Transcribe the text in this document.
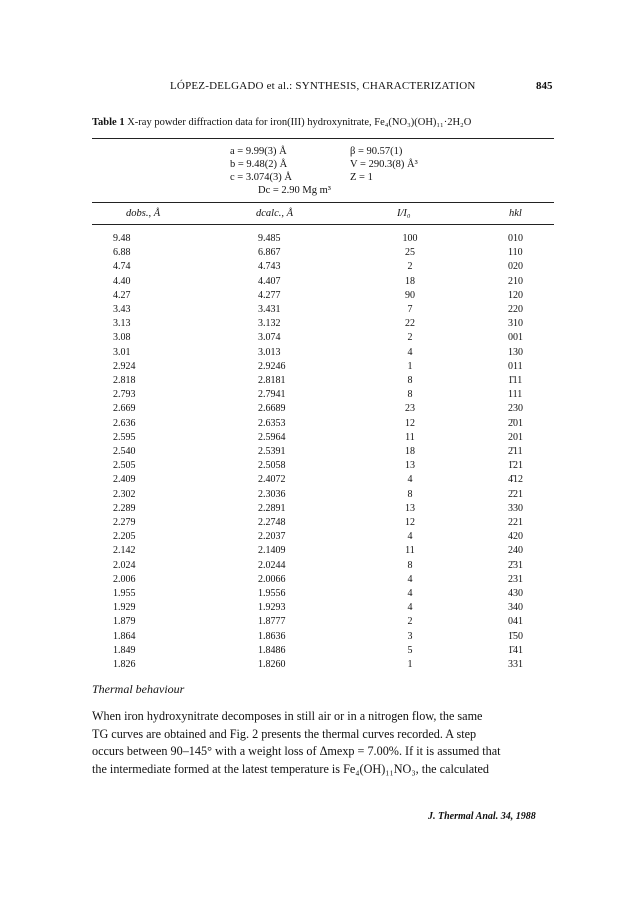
LÓPEZ-DELGADO et al.: SYNTHESIS, CHARACTERIZATION	845
Table 1 X-ray powder diffraction data for iron(III) hydroxynitrate, Fe₄(NO₃)(OH)₁₁·2H₂O
a = 9.99(3) Å	β = 90.57(1)
b = 9.48(2) Å	V = 290.3(8) Å³
c = 3.074(3) Å	Z = 1
Dc = 2.90 Mg m³
dobs., Å	dcalc., Å	I/I₀	hkl
9.48	9.485	100	010
6.88	6.867	25	110
4.74	4.743	2	020
4.40	4.407	18	210
4.27	4.277	90	120
3.43	3.431	7	220
3.13	3.132	22	310
3.08	3.074	2	001
3.01	3.013	4	130
2.924	2.9246	1	011
2.818	2.8181	8	1̄11
2.793	2.7941	8	111
2.669	2.6689	23	230
2.636	2.6353	12	2̄01
2.595	2.5964	11	201
2.540	2.5391	18	2̄11
2.505	2.5058	13	1̄21
2.409	2.4072	4	4̄12
2.302	2.3036	8	2̄21
2.289	2.2891	13	330
2.279	2.2748	12	221
2.205	2.2037	4	420
2.142	2.1409	11	240
2.024	2.0244	8	2̄31
2.006	2.0066	4	231
1.955	1.9556	4	430
1.929	1.9293	4	340
1.879	1.8777	2	041
1.864	1.8636	3	1̄50
1.849	1.8486	5	1̄41
1.826	1.8260	1	331
Thermal behaviour
When iron hydroxynitrate decomposes in still air or in a nitrogen flow, the same
TG curves are obtained and Fig. 2 presents the thermal curves recorded. A step
occurs between 90–145° with a weight loss of Δmexp = 7.00%. If it is assumed that
the intermediate formed at the latest temperature is Fe₄(OH)₁₁NO₃, the calculated
J. Thermal Anal. 34, 1988
